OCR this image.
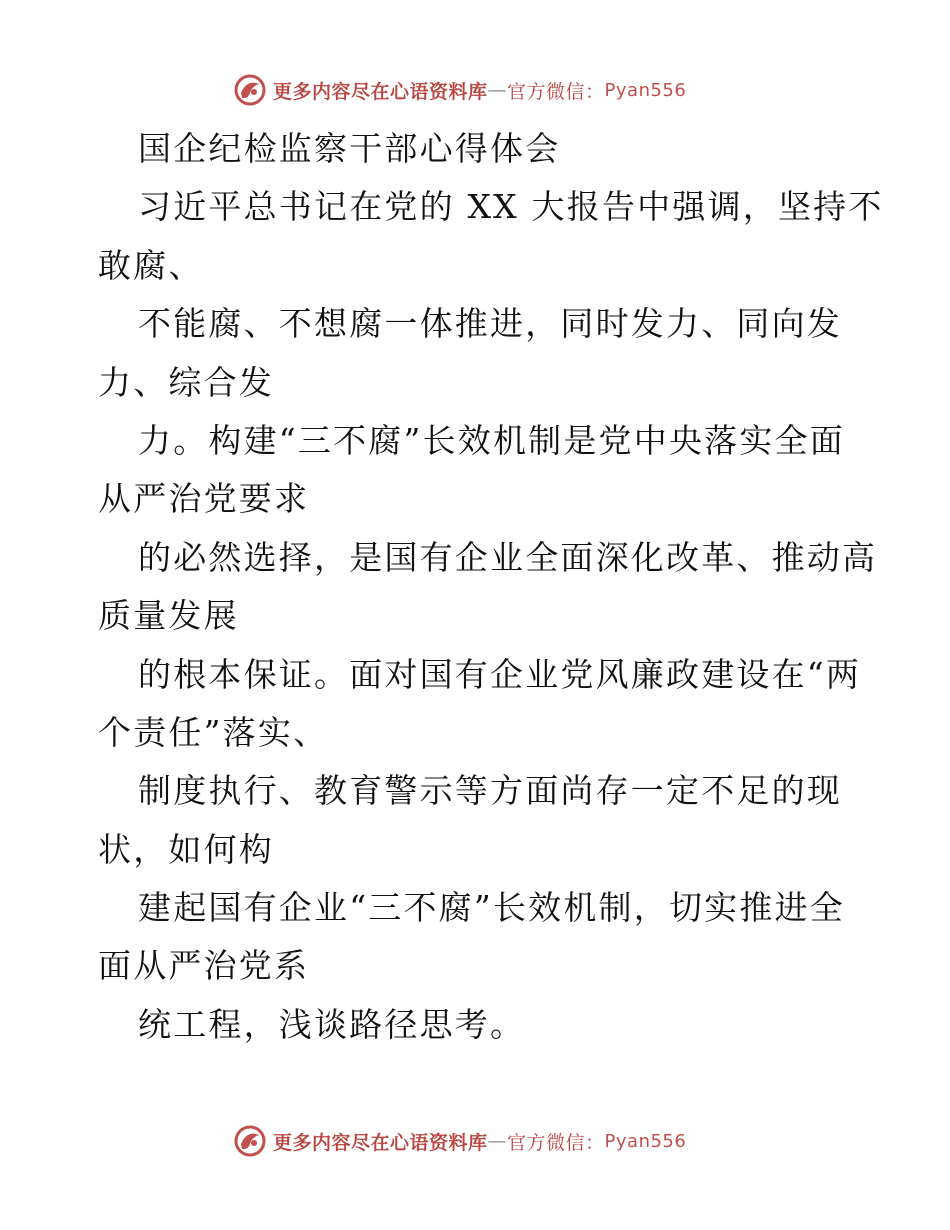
更多内容尽在心语资料库 — 官方微信： Pyan556
国企纪检监察干部心得体会
习近平总书记在党的 XX 大报告中强调，坚持不
敢腐、
不能腐、不想腐一体推进，同时发力、同向发
力、综合发
力。构建“三不腐”长效机制是党中央落实全面
从严治党要求
的必然选择，是国有企业全面深化改革、推动高
质量发展
的根本保证。面对国有企业党风廉政建设在“两
个责任”落实、
制度执行、教育警示等方面尚存一定不足的现
状，如何构
建起国有企业“三不腐”长效机制，切实推进全
面从严治党系
统工程，浅谈路径思考。
更多内容尽在心语资料库 — 官方微信： Pyan556
